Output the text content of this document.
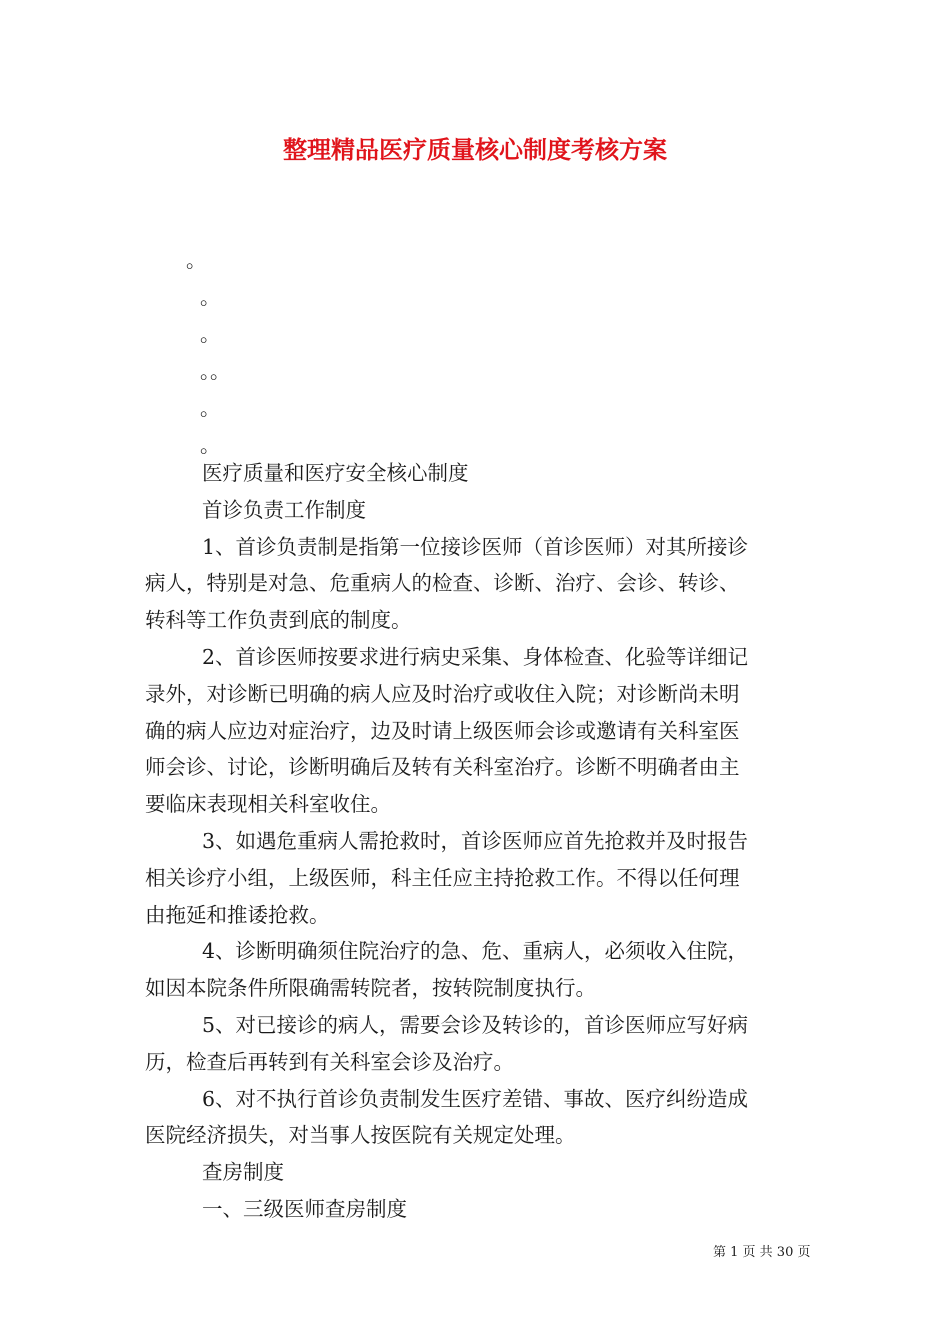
整理精品医疗质量核心制度考核方案
。
。
。
。。
。
。
医疗质量和医疗安全核心制度
首诊负责工作制度
1、首诊负责制是指第一位接诊医师（首诊医师）对其所接诊
病人，特别是对急、危重病人的检查、诊断、治疗、会诊、转诊、
转科等工作负责到底的制度。
2、首诊医师按要求进行病史采集、身体检查、化验等详细记
录外，对诊断已明确的病人应及时治疗或收住入院；对诊断尚未明
确的病人应边对症治疗，边及时请上级医师会诊或邀请有关科室医
师会诊、讨论，诊断明确后及转有关科室治疗。诊断不明确者由主
要临床表现相关科室收住。
3、如遇危重病人需抢救时，首诊医师应首先抢救并及时报告
相关诊疗小组，上级医师，科主任应主持抢救工作。不得以任何理
由拖延和推诿抢救。
4、诊断明确须住院治疗的急、危、重病人，必须收入住院，
如因本院条件所限确需转院者，按转院制度执行。
5、对已接诊的病人，需要会诊及转诊的，首诊医师应写好病
历，检查后再转到有关科室会诊及治疗。
6、对不执行首诊负责制发生医疗差错、事故、医疗纠纷造成
医院经济损失，对当事人按医院有关规定处理。
查房制度
一、三级医师查房制度
第 1 页 共 30 页
